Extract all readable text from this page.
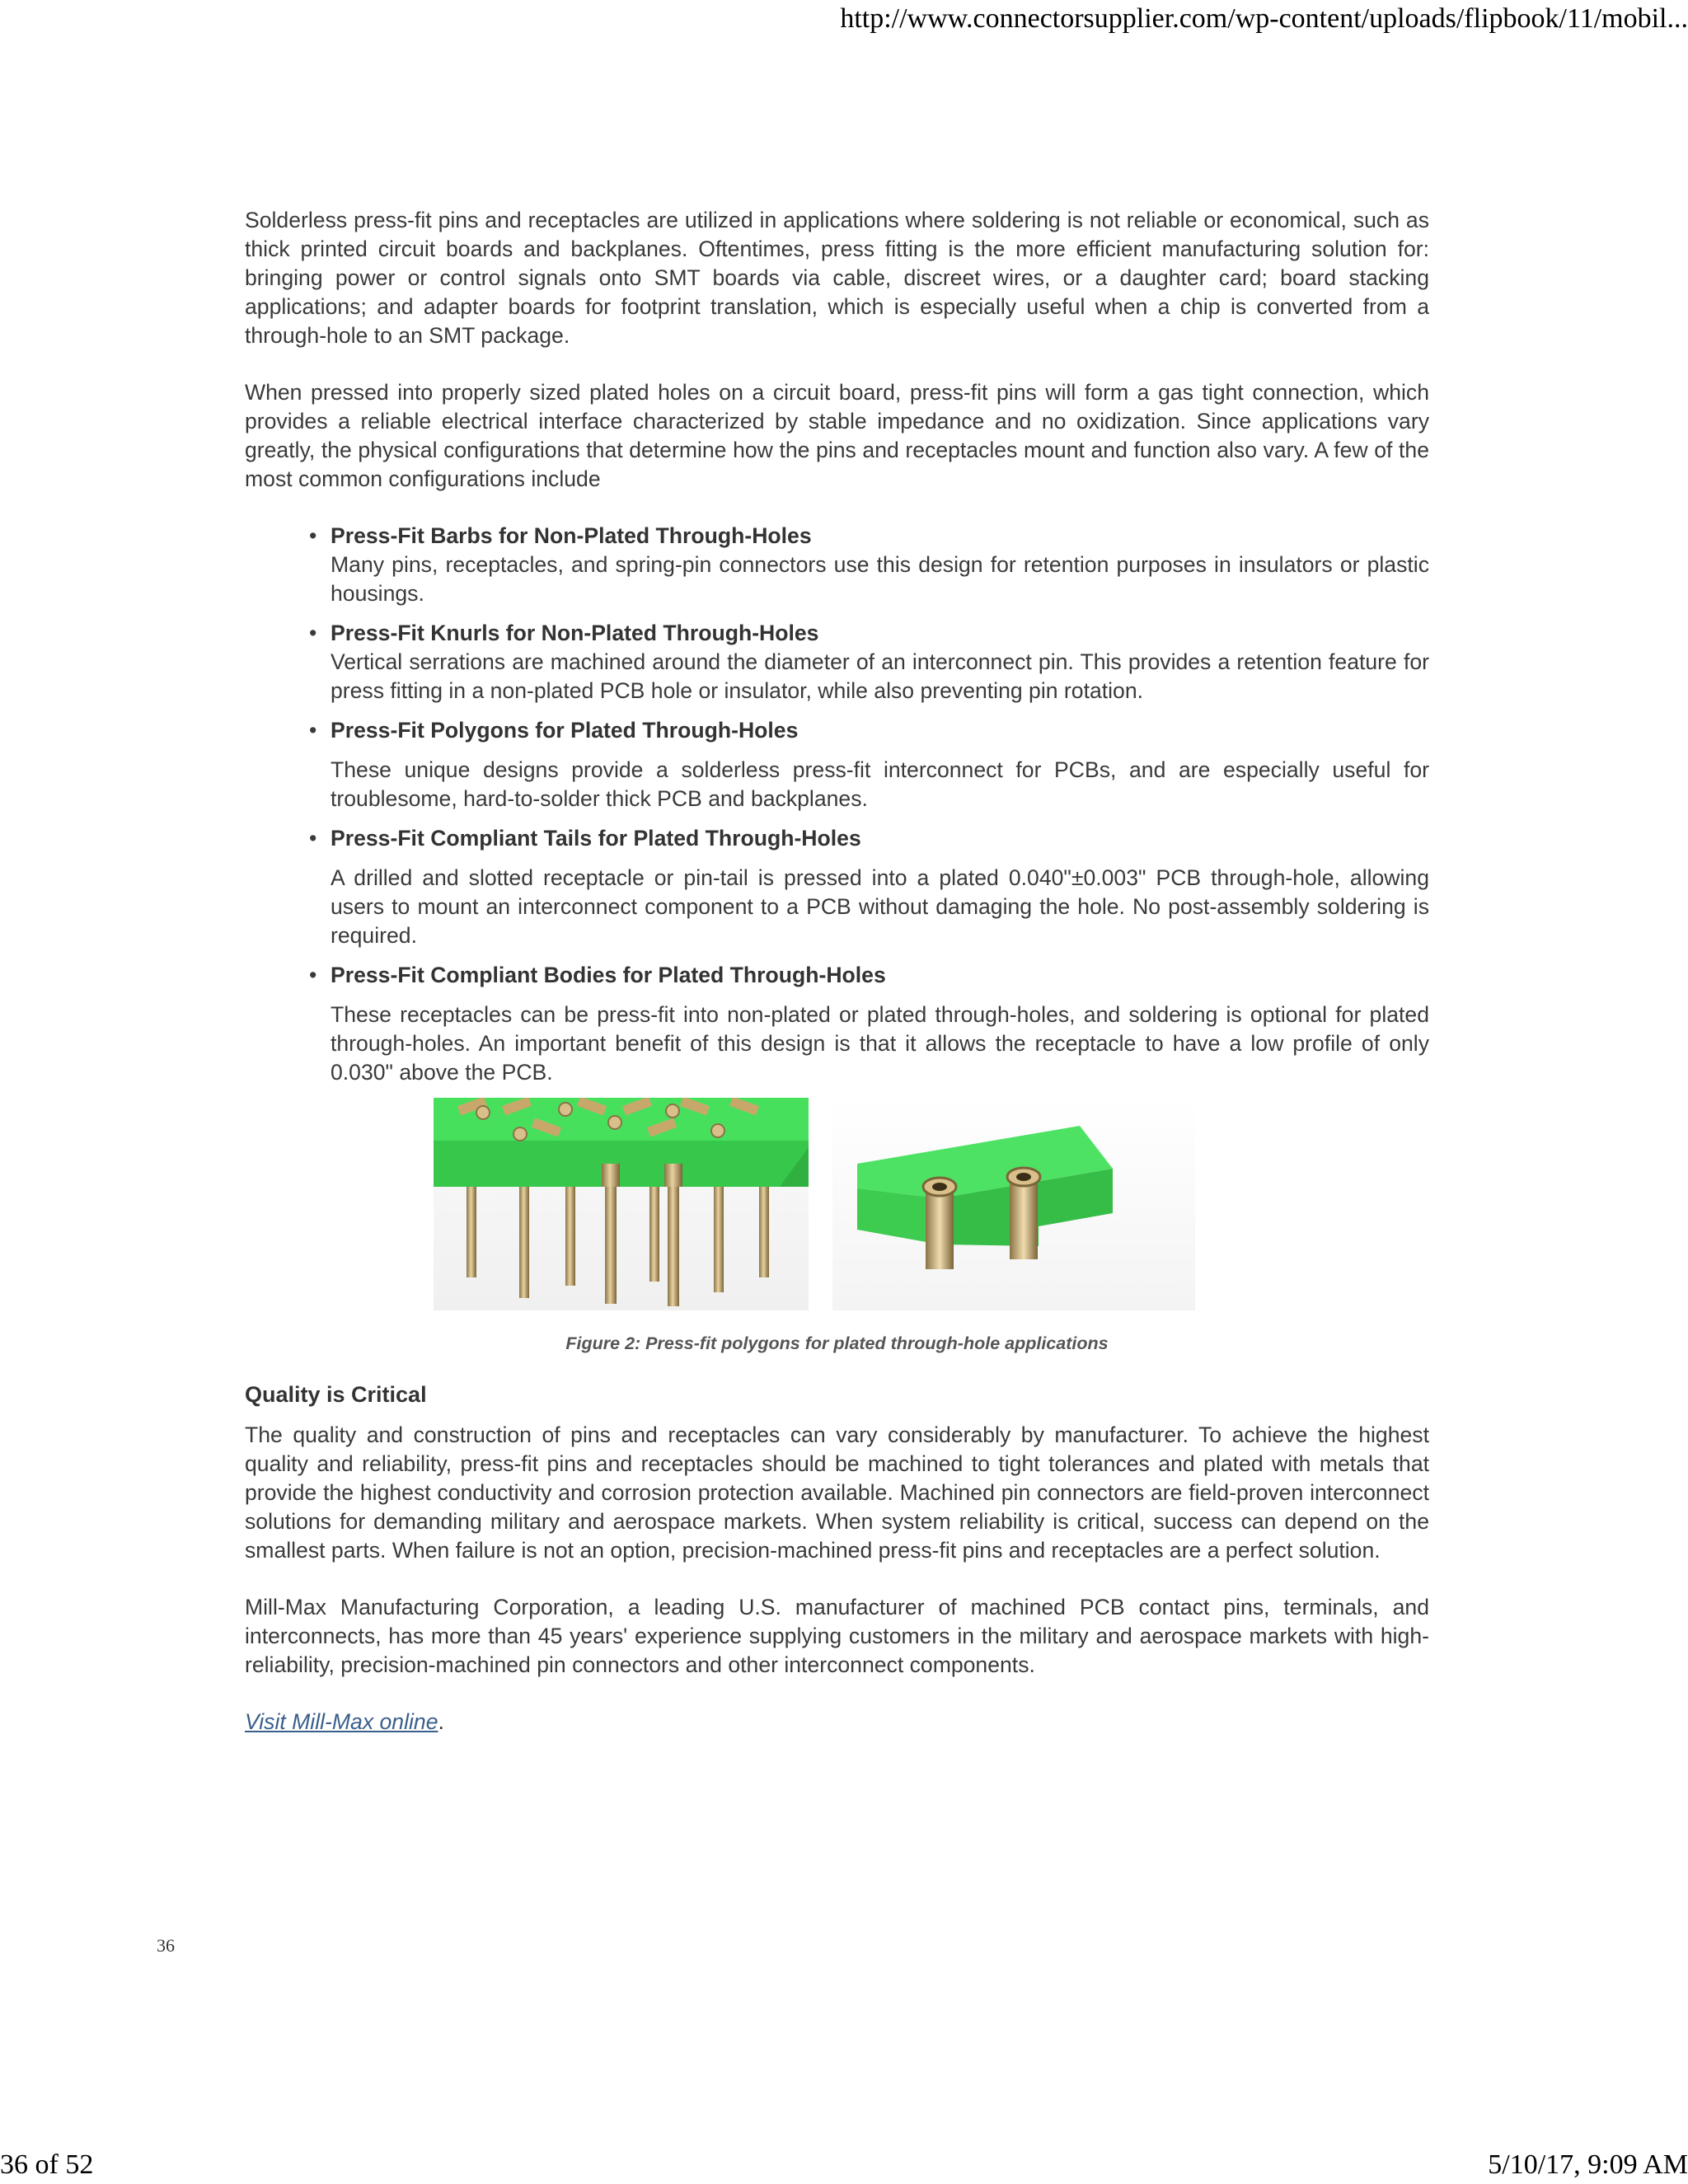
http://www.connectorsupplier.com/wp-content/uploads/flipbook/11/mobil...

Solderless press-fit pins and receptacles are utilized in applications where soldering is not reliable or economical, such as thick printed circuit boards and backplanes. Oftentimes, press fitting is the more efficient manufacturing solution for: bringing power or control signals onto SMT boards via cable, discreet wires, or a daughter card; board stacking applications; and adapter boards for footprint translation, which is especially useful when a chip is converted from a through-hole to an SMT package.

When pressed into properly sized plated holes on a circuit board, press-fit pins will form a gas tight connection, which provides a reliable electrical interface characterized by stable impedance and no oxidization. Since applications vary greatly, the physical configurations that determine how the pins and receptacles mount and function also vary. A few of the most common configurations include

• Press-Fit Barbs for Non-Plated Through-Holes
Many pins, receptacles, and spring-pin connectors use this design for retention purposes in insulators or plastic housings.
• Press-Fit Knurls for Non-Plated Through-Holes
Vertical serrations are machined around the diameter of an interconnect pin. This provides a retention feature for press fitting in a non-plated PCB hole or insulator, while also preventing pin rotation.
• Press-Fit Polygons for Plated Through-Holes
These unique designs provide a solderless press-fit interconnect for PCBs, and are especially useful for troublesome, hard-to-solder thick PCB and backplanes.
• Press-Fit Compliant Tails for Plated Through-Holes
A drilled and slotted receptacle or pin-tail is pressed into a plated 0.040"±0.003" PCB through-hole, allowing users to mount an interconnect component to a PCB without damaging the hole. No post-assembly soldering is required.
• Press-Fit Compliant Bodies for Plated Through-Holes
These receptacles can be press-fit into non-plated or plated through-holes, and soldering is optional for plated through-holes. An important benefit of this design is that it allows the receptacle to have a low profile of only 0.030" above the PCB.
Figure 2: Press-fit polygons for plated through-hole applications
Quality is Critical

The quality and construction of pins and receptacles can vary considerably by manufacturer. To achieve the highest quality and reliability, press-fit pins and receptacles should be machined to tight tolerances and plated with metals that provide the highest conductivity and corrosion protection available. Machined pin connectors are field-proven interconnect solutions for demanding military and aerospace markets. When system reliability is critical, success can depend on the smallest parts. When failure is not an option, precision-machined press-fit pins and receptacles are a perfect solution.

Mill-Max Manufacturing Corporation, a leading U.S. manufacturer of machined PCB contact pins, terminals, and interconnects, has more than 45 years' experience supplying customers in the military and aerospace markets with high-reliability, precision-machined pin connectors and other interconnect components.

Visit Mill-Max online.

36
36 of 52	5/10/17, 9:09 AM
